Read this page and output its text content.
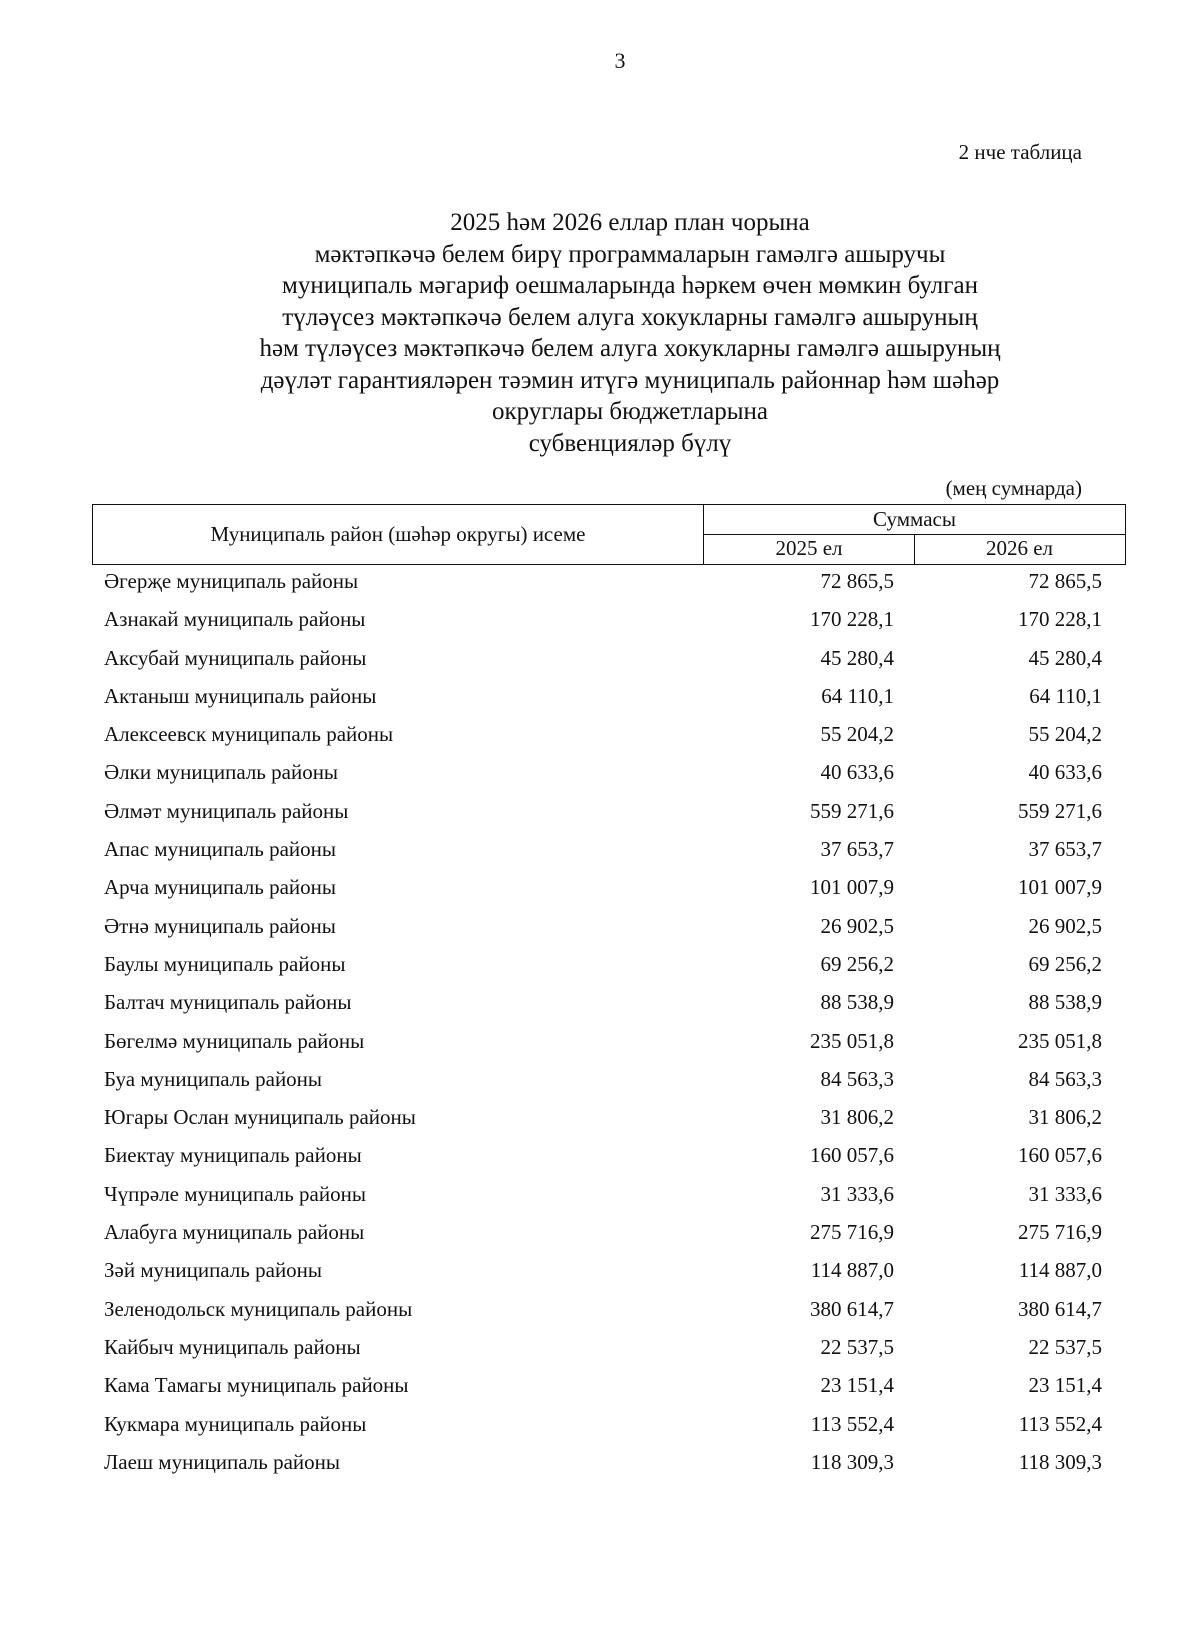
3
2 нче таблица
2025 һәм 2026 еллар план чорына
мәктәпкәчә белем бирү программаларын гамәлгә ашыручы
муниципаль мәгариф оешмаларында һәркем өчен мөмкин булган
түләүсез мәктәпкәчә белем алуга хокукларны гамәлгә ашыруның
һәм түләүсез мәктәпкәчә белем алуга хокукларны гамәлгә ашыруның
дәүләт гарантияләрен тәэмин итүгә муниципаль районнар һәм шәһәр
округлары бюджетларына
субвенцияләр бүлү
(мең сумнарда)
Муниципаль район (шәһәр округы) исеме
Суммасы
2025 ел	2026 ел
Әгерҗе муниципаль районы	72 865,5	72 865,5
Азнакай муниципаль районы	170 228,1	170 228,1
Аксубай муниципаль районы	45 280,4	45 280,4
Актаныш муниципаль районы	64 110,1	64 110,1
Алексеевск муниципаль районы	55 204,2	55 204,2
Әлки муниципаль районы	40 633,6	40 633,6
Әлмәт муниципаль районы	559 271,6	559 271,6
Апас муниципаль районы	37 653,7	37 653,7
Арча муниципаль районы	101 007,9	101 007,9
Әтнә муниципаль районы	26 902,5	26 902,5
Баулы муниципаль районы	69 256,2	69 256,2
Балтач муниципаль районы	88 538,9	88 538,9
Бөгелмә муниципаль районы	235 051,8	235 051,8
Буа муниципаль районы	84 563,3	84 563,3
Югары Ослан муниципаль районы	31 806,2	31 806,2
Биектау муниципаль районы	160 057,6	160 057,6
Чүпрәле муниципаль районы	31 333,6	31 333,6
Алабуга муниципаль районы	275 716,9	275 716,9
Зәй муниципаль районы	114 887,0	114 887,0
Зеленодольск муниципаль районы	380 614,7	380 614,7
Кайбыч муниципаль районы	22 537,5	22 537,5
Кама Тамагы муниципаль районы	23 151,4	23 151,4
Кукмара муниципаль районы	113 552,4	113 552,4
Лаеш муниципаль районы	118 309,3	118 309,3
